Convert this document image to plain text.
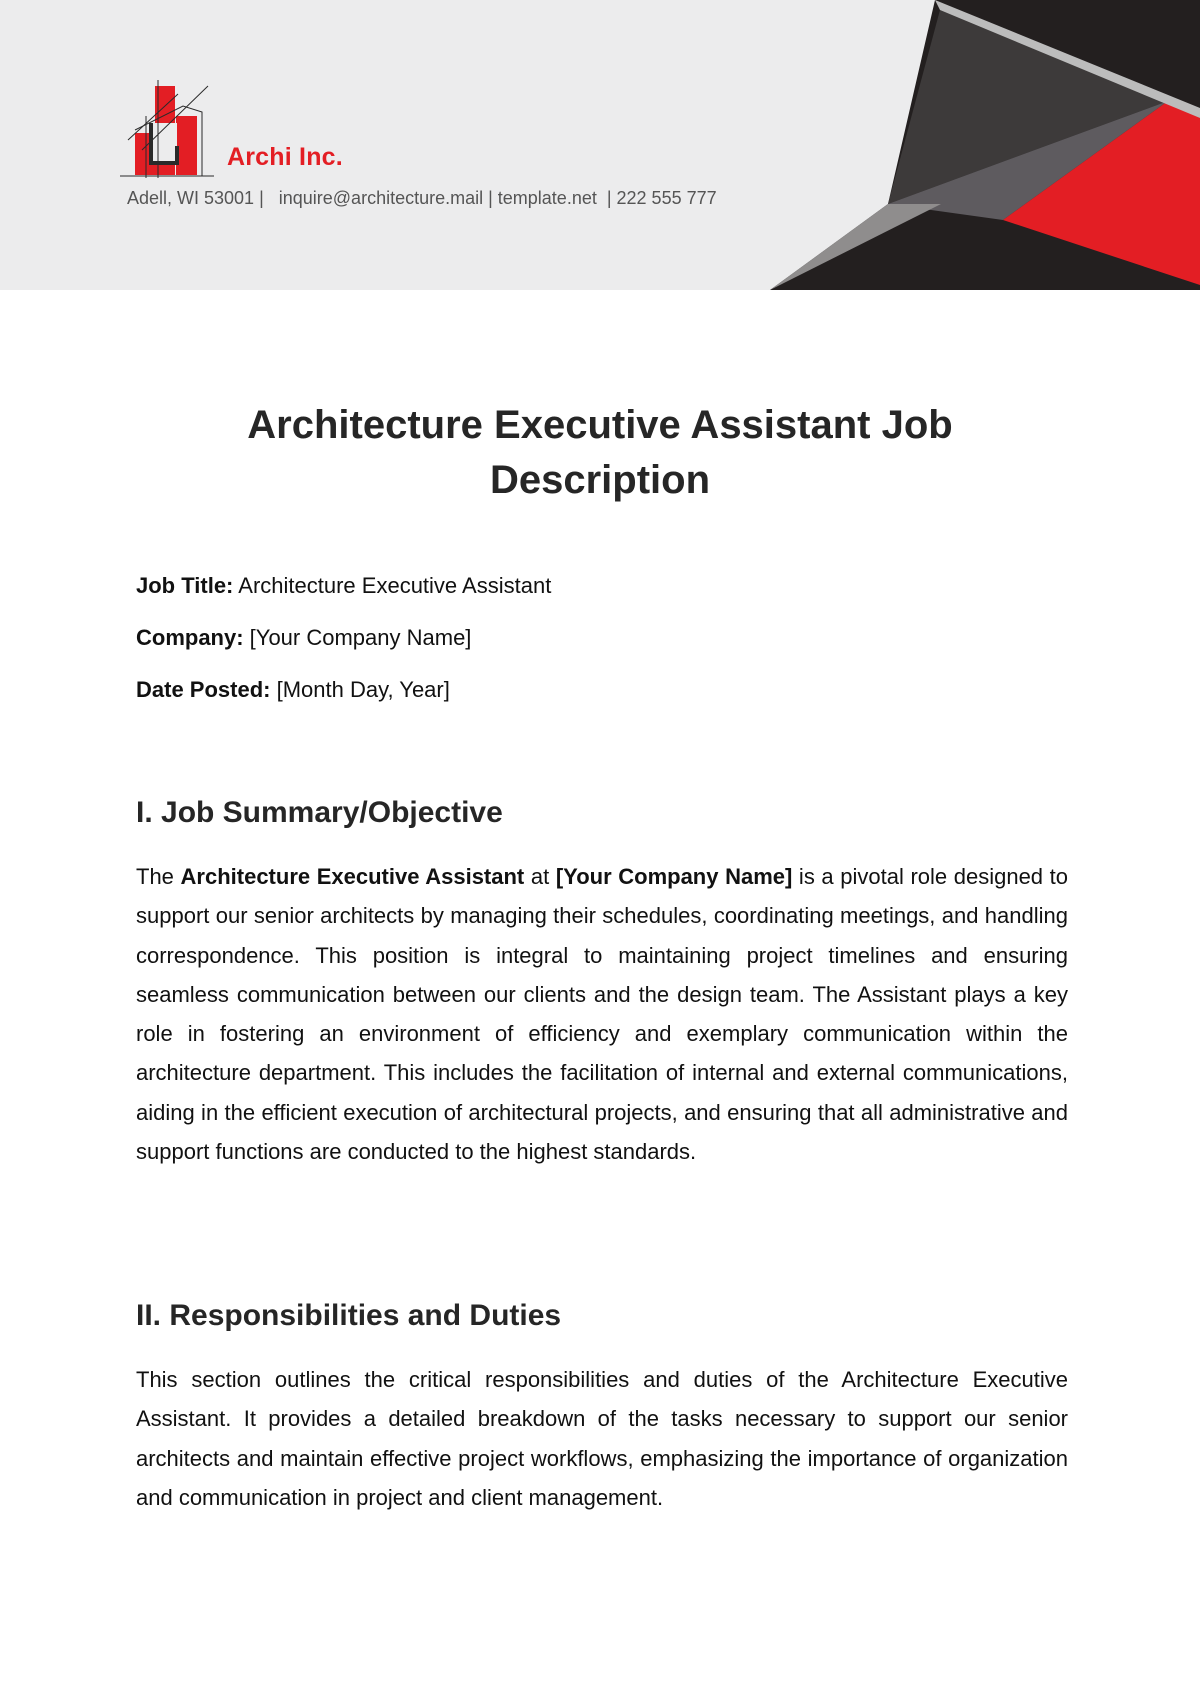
Archi Inc.
Adell, WI 53001 |   inquire@architecture.mail | template.net  | 222 555 777
Architecture Executive Assistant Job Description
Job Title: Architecture Executive Assistant
Company: [Your Company Name]
Date Posted: [Month Day, Year]
I. Job Summary/Objective
The Architecture Executive Assistant at [Your Company Name] is a pivotal role designed to support our senior architects by managing their schedules, coordinating meetings, and handling correspondence. This position is integral to maintaining project timelines and ensuring seamless communication between our clients and the design team. The Assistant plays a key role in fostering an environment of efficiency and exemplary communication within the architecture department. This includes the facilitation of internal and external communications, aiding in the efficient execution of architectural projects, and ensuring that all administrative and support functions are conducted to the highest standards.
II. Responsibilities and Duties
This section outlines the critical responsibilities and duties of the Architecture Executive Assistant. It provides a detailed breakdown of the tasks necessary to support our senior architects and maintain effective project workflows, emphasizing the importance of organization and communication in project and client management.
